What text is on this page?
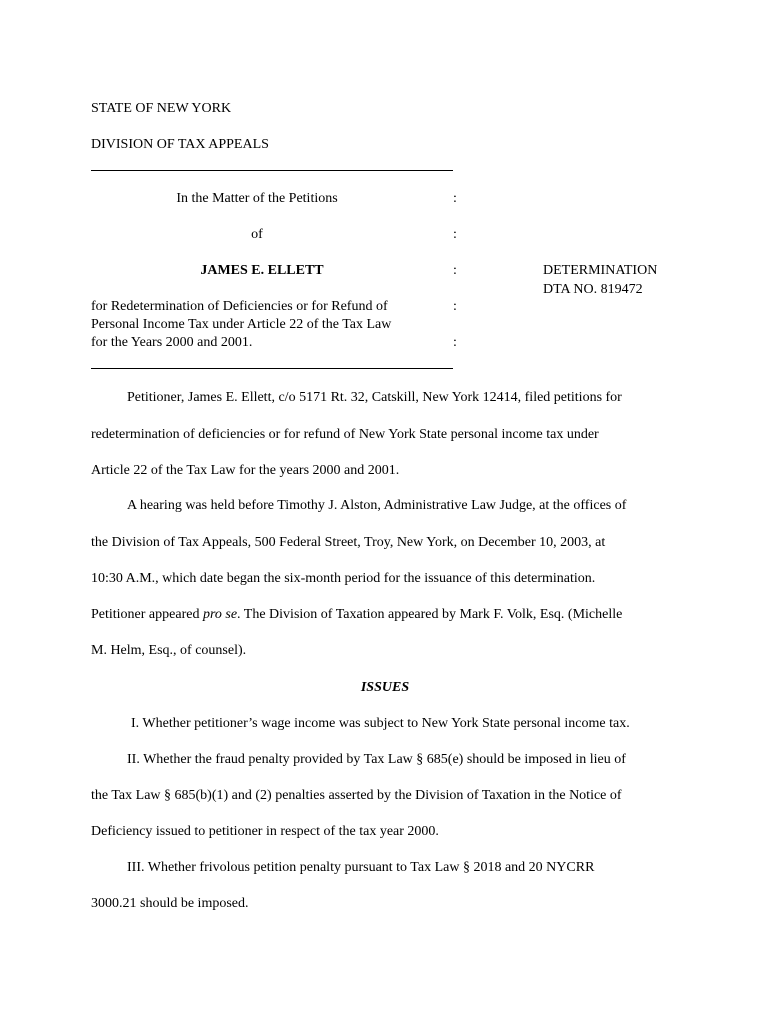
STATE OF NEW YORK
DIVISION OF TAX APPEALS
In the Matter of the Petitions	:
of	:
JAMES E. ELLETT	:	DETERMINATION
DTA NO. 819472
for Redetermination of Deficiencies or for Refund of	:
Personal Income Tax under Article 22 of the Tax Law
for the Years 2000 and 2001.	:
Petitioner, James E. Ellett, c/o 5171 Rt. 32, Catskill, New York 12414, filed petitions for
redetermination of deficiencies or for refund of New York State personal income tax under
Article 22 of the Tax Law for the years 2000 and 2001.
A hearing was held before Timothy J. Alston, Administrative Law Judge, at the offices of
the Division of Tax Appeals, 500 Federal Street, Troy, New York, on December 10, 2003, at
10:30 A.M., which date began the six-month period for the issuance of this determination.
Petitioner appeared pro se. The Division of Taxation appeared by Mark F. Volk, Esq. (Michelle
M. Helm, Esq., of counsel).
ISSUES
I. Whether petitioner’s wage income was subject to New York State personal income tax.
II. Whether the fraud penalty provided by Tax Law § 685(e) should be imposed in lieu of
the Tax Law § 685(b)(1) and (2) penalties asserted by the Division of Taxation in the Notice of
Deficiency issued to petitioner in respect of the tax year 2000.
III. Whether frivolous petition penalty pursuant to Tax Law § 2018 and 20 NYCRR
3000.21 should be imposed.
